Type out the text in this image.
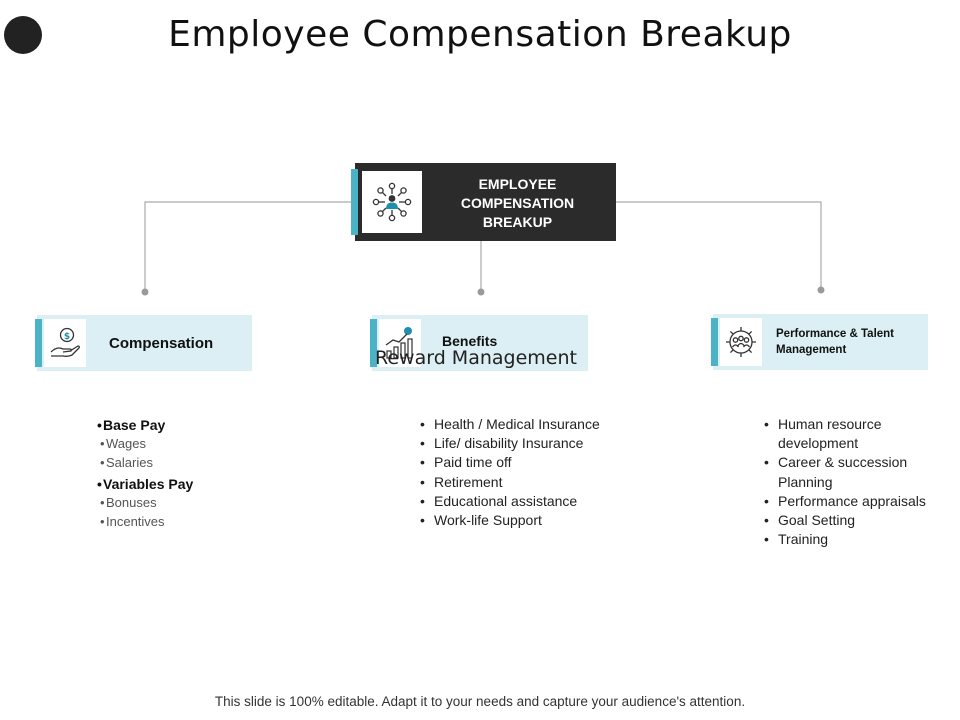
Employee Compensation Breakup
EMPLOYEE
COMPENSATION
BREAKUP
$	Compensation	Benefits	Performance & Talent
Management
Reward Management
•Base Pay
•Wages
•Salaries
•Variables Pay
•Bonuses
•Incentives
• Health / Medical Insurance
• Life/ disability Insurance
• Paid time off
• Retirement
• Educational assistance
• Work-life Support
• Human resource development
• Career & succession Planning
• Performance appraisals
• Goal Setting
• Training
This slide is 100% editable. Adapt it to your needs and capture your audience's attention.
